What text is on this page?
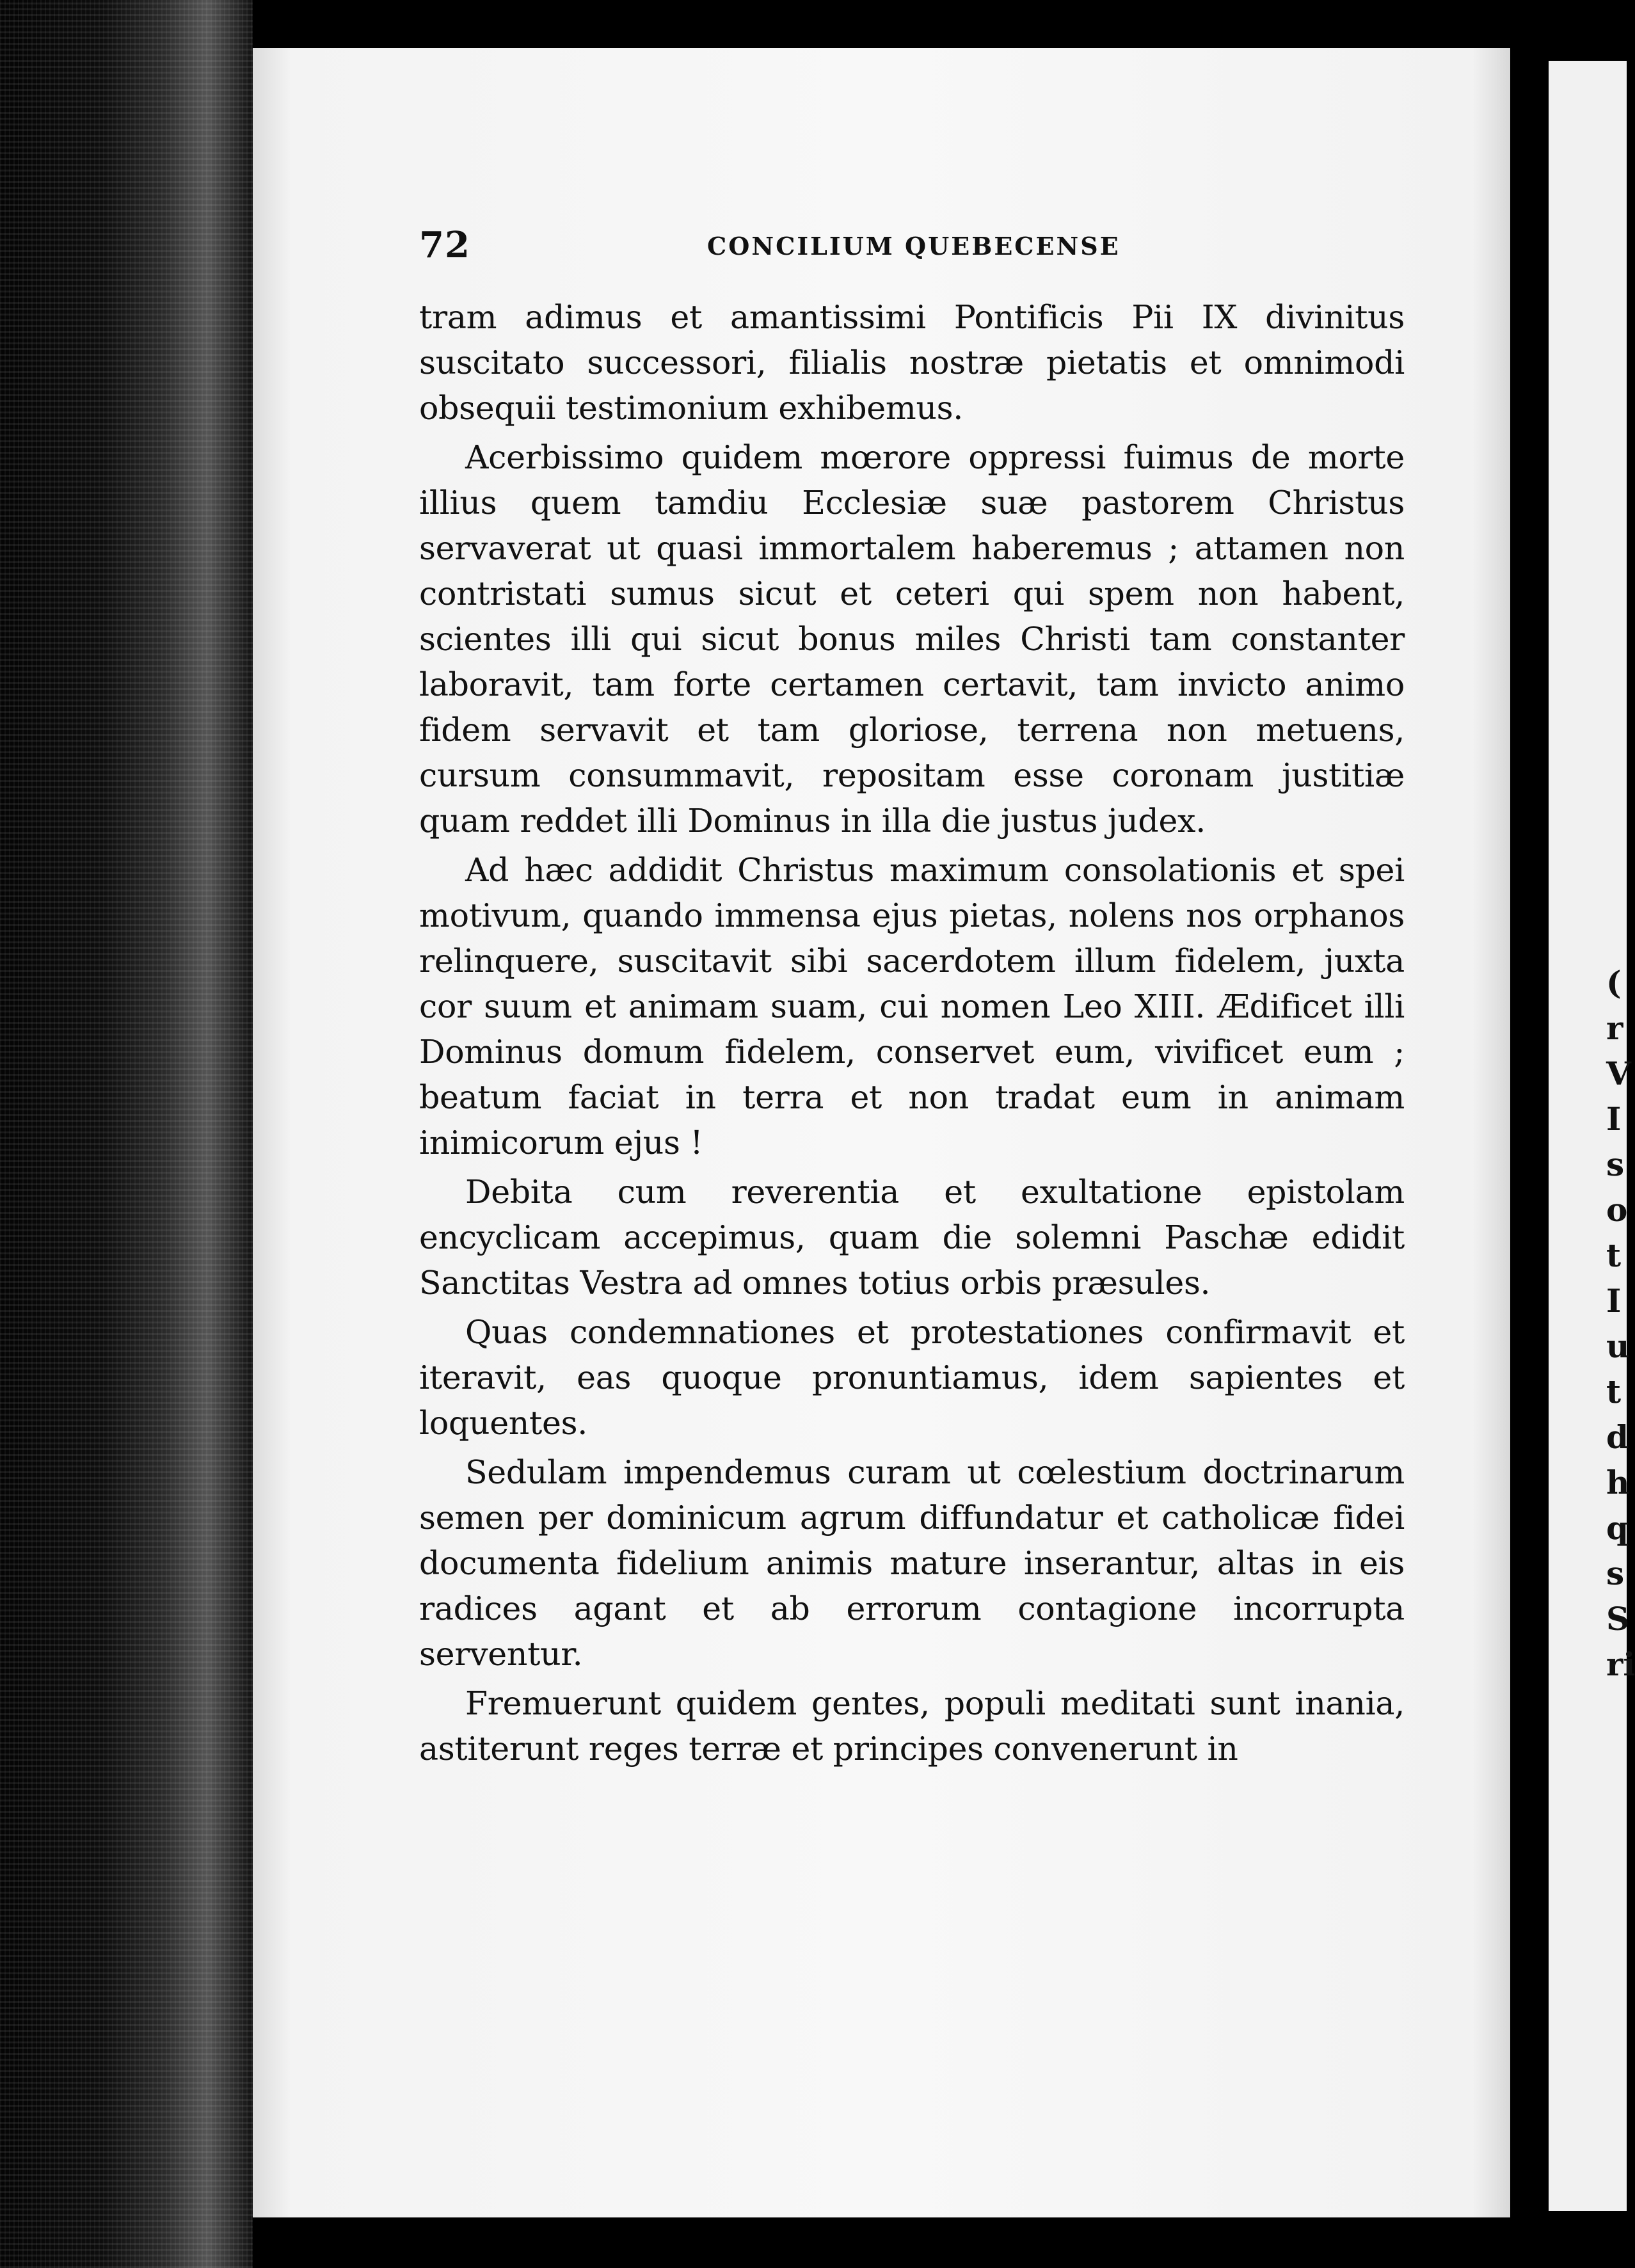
72	CONCILIUM QUEBECENSE

tram adimus et amantissimi Pontificis Pii IX divinitus suscitato successori, filialis nostræ pietatis et omnimodi obsequii testimonium exhibemus.

Acerbissimo quidem mœrore oppressi fuimus de morte illius quem tamdiu Ecclesiæ suæ pastorem Christus servaverat ut quasi immortalem haberemus ; attamen non contristati sumus sicut et ceteri qui spem non habent, scientes illi qui sicut bonus miles Christi tam constanter laboravit, tam forte certamen certavit, tam invicto animo fidem servavit et tam gloriose, terrena non metuens, cursum consummavit, repositam esse coronam justitiæ quam reddet illi Dominus in illa die justus judex.

Ad hæc addidit Christus maximum consolationis et spei motivum, quando immensa ejus pietas, nolens nos orphanos relinquere, suscitavit sibi sacerdotem illum fidelem, juxta cor suum et animam suam, cui nomen Leo XIII. Ædificet illi Dominus domum fidelem, conservet eum, vivificet eum ; beatum faciat in terra et non tradat eum in animam inimicorum ejus !

Debita cum reverentia et exultatione epistolam encyclicam accepimus, quam die solemni Paschæ edidit Sanctitas Vestra ad omnes totius orbis præsules.

Quas condemnationes et protestationes confirmavit et iteravit, eas quoque pronuntiamus, idem sapientes et loquentes.

Sedulam impendemus curam ut cœlestium doctrinarum semen per dominicum agrum diffundatur et catholicæ fidei documenta fidelium animis mature inserantur, altas in eis radices agant et ab errorum contagione incorrupta serventur.

Fremuerunt quidem gentes, populi meditati sunt inania, astiterunt reges terræ et principes convenerunt in

(
r
V
I
s
o
t
I
u
t
d
h
q
s
S
ri
